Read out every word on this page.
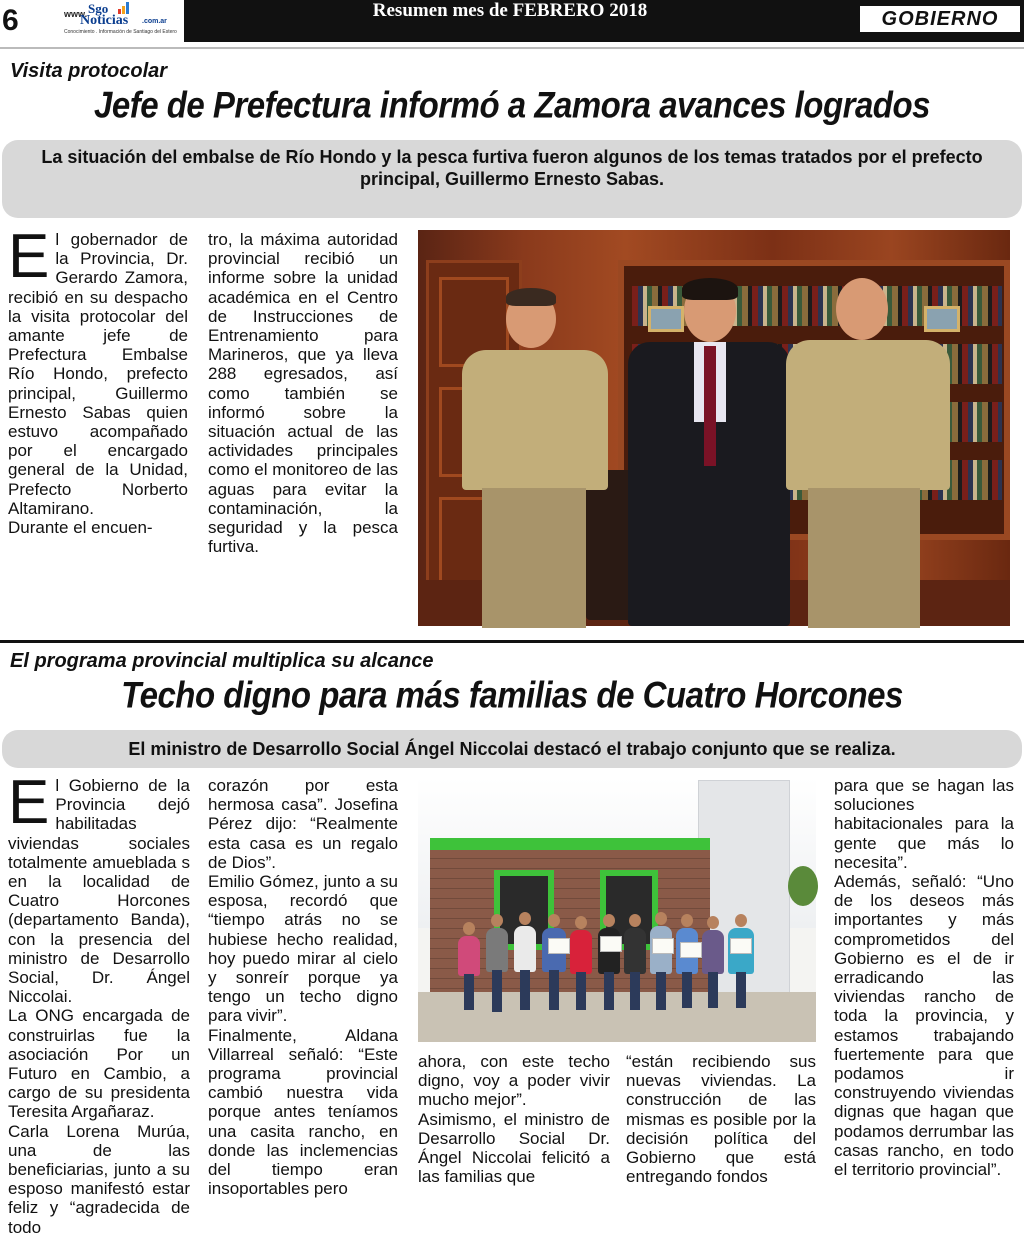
6	www. Sgo
Noticias .com.ar
Conocimiento . Información de Santiago del Estero
Resumen mes de FEBRERO 2018	GOBIERNO
Visita protocolar
Jefe de Prefectura informó a Zamora avances logrados
La situación del embalse de Río Hondo y la pesca furtiva fueron algunos de los temas tratados por el prefecto principal, Guillermo Ernesto Sabas.
E l gobernador de la Provincia, Dr. Gerardo Zamora, recibió en su despacho la visita protocolar del amante jefe de Prefectura Embalse Río Hondo, prefecto principal, Guillermo Ernesto Sabas quien estuvo acompañado por el encargado general de la Unidad, Prefecto Norberto Altamirano.

Durante el encuen-

tro, la máxima autoridad provincial recibió un informe sobre la unidad académica en el Centro de Instrucciones de Entrenamiento para Marineros, que ya lleva 288 egresados, así como también se informó sobre la situación actual de las actividades principales como el monitoreo de las aguas para evitar la contaminación, la seguridad y la pesca furtiva.

El programa provincial multiplica su alcance
Techo digno para más familias de Cuatro Horcones
El ministro de Desarrollo Social Ángel Niccolai destacó el trabajo conjunto que se realiza.
E l Gobierno de la Provincia dejó habilitadas viviendas sociales totalmente amueblada s en la localidad de Cuatro Horcones (departamento Banda), con la presencia del ministro de Desarrollo Social, Dr. Ángel Niccolai.

La ONG encargada de construirlas fue la asociación Por un Futuro en Cambio, a cargo de su presidenta Teresita Argañaraz.

Carla Lorena Murúa, una de las beneficiarias, junto a su esposo manifestó estar feliz y “agradecida de todo

corazón por esta hermosa casa”. Josefina Pérez dijo: “Realmente esta casa es un regalo de Dios”.

Emilio Gómez, junto a su esposa, recordó que “tiempo atrás no se hubiese hecho realidad, hoy puedo mirar al cielo y sonreír porque ya tengo un techo digno para vivir”.

Finalmente, Aldana Villarreal señaló: “Este programa provincial cambió nuestra vida porque antes teníamos una casita rancho, en donde las inclemencias del tiempo eran insoportables pero

ahora, con este techo digno, voy a poder vivir mucho mejor”.

Asimismo, el ministro de Desarrollo Social Dr. Ángel Niccolai felicitó a las familias que

“están recibiendo sus nuevas viviendas. La construcción de las mismas es posible por la decisión política del Gobierno que está entregando fondos

para que se hagan las soluciones habitacionales para la gente que más lo necesita”.

Además, señaló: “Uno de los deseos más importantes y más comprometidos del Gobierno es el de ir erradicando las viviendas rancho de toda la provincia, y estamos trabajando fuertemente para que podamos ir construyendo viviendas dignas que hagan que podamos derrumbar las casas rancho, en todo el territorio provincial”.
